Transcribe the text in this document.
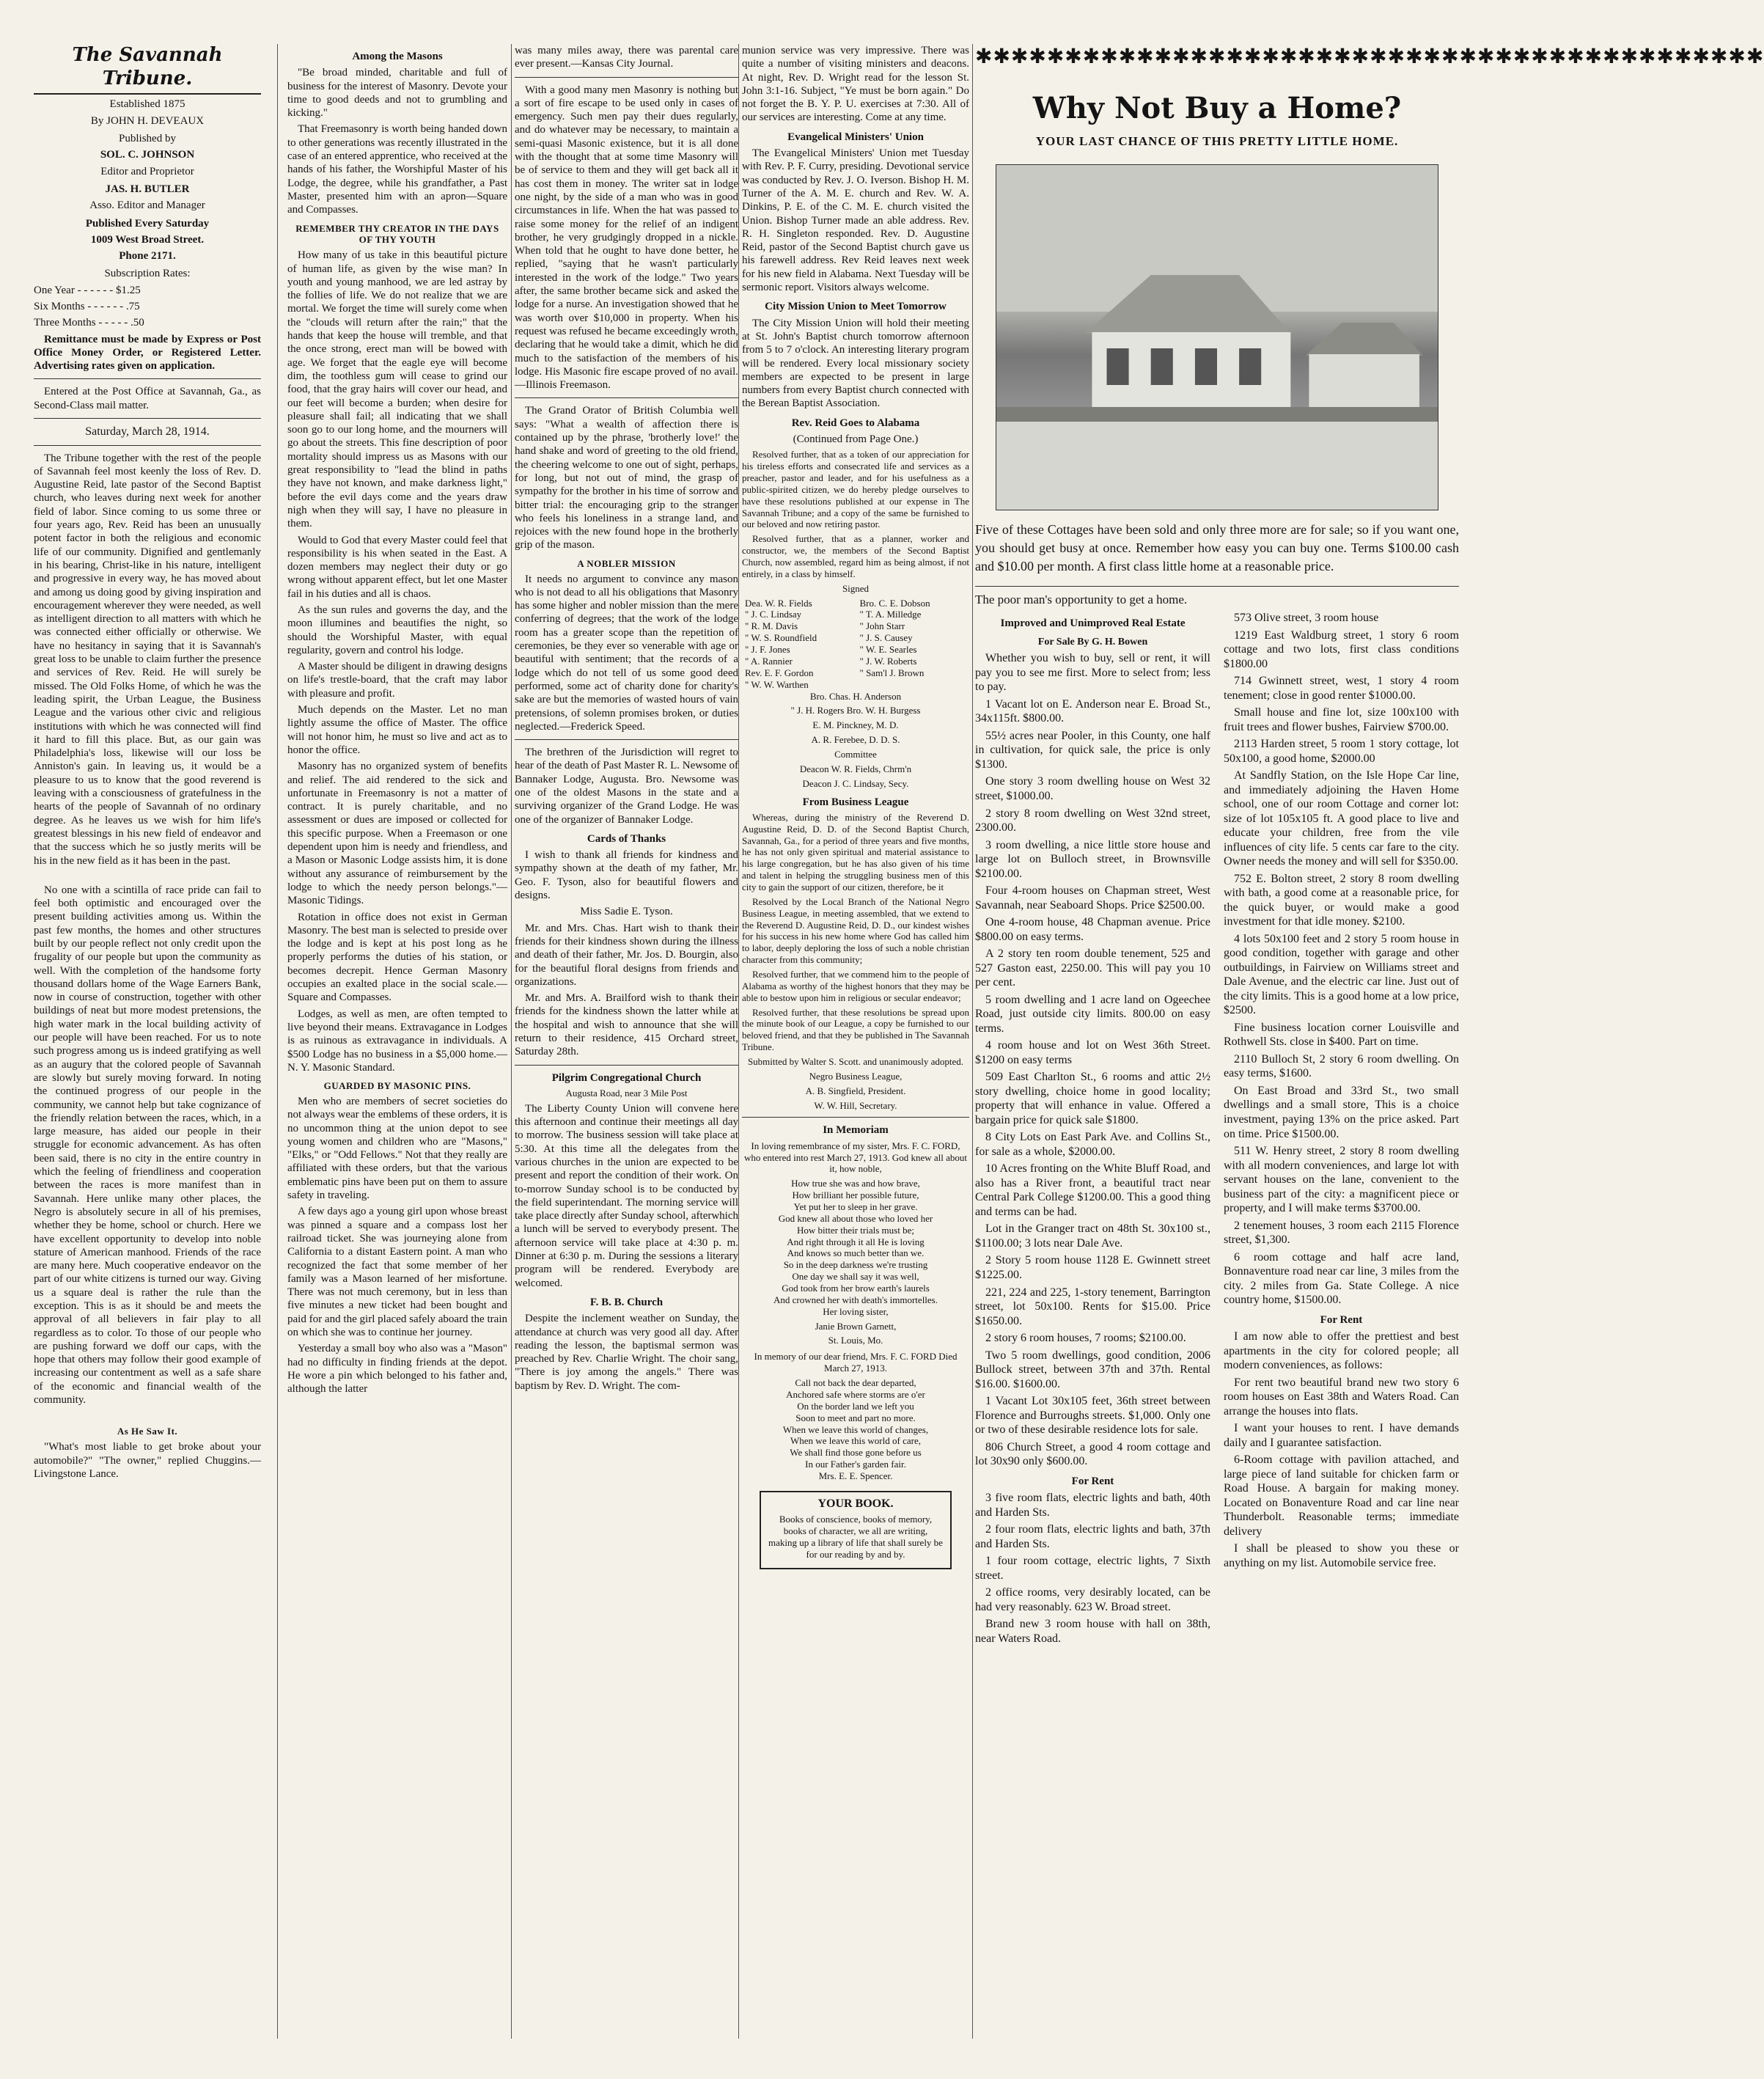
The Savannah Tribune.

Established 1875

By JOHN H. DEVEAUX

Published by

SOL. C. JOHNSON

Editor and Proprietor

JAS. H. BUTLER

Asso. Editor and Manager

Published Every Saturday

1009 West Broad Street.

Phone 2171.

Subscription Rates:

One Year - - - - - - $1.25

Six Months - - - - - - .75

Three Months - - - - - .50

Remittance must be made by Express or Post Office Money Order, or Registered Letter. Advertising rates given on application.

Entered at the Post Office at Savannah, Ga., as Second-Class mail matter.

Saturday, March 28, 1914.

The Tribune together with the rest of the people of Savannah feel most keenly the loss of Rev. D. Augustine Reid, late pastor of the Second Baptist church, who leaves during next week for another field of labor. Since coming to us some three or four years ago, Rev. Reid has been an unusually potent factor in both the religious and economic life of our community. Dignified and gentlemanly in his bearing, Christ-like in his nature, intelligent and progressive in every way, he has moved about and among us doing good by giving inspiration and encouragement wherever they were needed, as well as intelligent direction to all matters with which he was connected either officially or otherwise. We have no hesitancy in saying that it is Savannah's great loss to be unable to claim further the presence and services of Rev. Reid. He will surely be missed. The Old Folks Home, of which he was the leading spirit, the Urban League, the Business League and the various other civic and religious institutions with which he was connected will find it hard to fill this place. But, as our gain was Philadelphia's loss, likewise will our loss be Anniston's gain. In leaving us, it would be a pleasure to us to know that the good reverend is leaving with a consciousness of gratefulness in the hearts of the people of Savannah of no ordinary degree. As he leaves us we wish for him life's greatest blessings in his new field of endeavor and that the success which he so justly merits will be his in the new field as it has been in the past.

No one with a scintilla of race pride can fail to feel both optimistic and encouraged over the present building activities among us. Within the past few months, the homes and other structures built by our people reflect not only credit upon the frugality of our people but upon the community as well. With the completion of the handsome forty thousand dollars home of the Wage Earners Bank, now in course of construction, together with other buildings of neat but more modest pretensions, the high water mark in the local building activity of our people will have been reached. For us to note such progress among us is indeed gratifying as well as an augury that the colored people of Savannah are slowly but surely moving forward. In noting the continued progress of our people in the community, we cannot help but take cognizance of the friendly relation between the races, which, in a large measure, has aided our people in their struggle for economic advancement. As has often been said, there is no city in the entire country in which the feeling of friendliness and cooperation between the races is more manifest than in Savannah. Here unlike many other places, the Negro is absolutely secure in all of his premises, whether they be home, school or church. Here we have excellent opportunity to develop into noble stature of American manhood. Friends of the race are many here. Much cooperative endeavor on the part of our white citizens is turned our way. Giving us a square deal is rather the rule than the exception. This is as it should be and meets the approval of all believers in fair play to all regardless as to color. To those of our people who are pushing forward we doff our caps, with the hope that others may follow their good example of increasing our contentment as well as a safe share of the economic and financial wealth of the community.

As He Saw It.

"What's most liable to get broke about your automobile?" "The owner," replied Chuggins.—Livingstone Lance.

Among the Masons

"Be broad minded, charitable and full of business for the interest of Masonry. Devote your time to good deeds and not to grumbling and kicking."

That Freemasonry is worth being handed down to other generations was recently illustrated in the case of an entered apprentice, who received at the hands of his father, the Worshipful Master of his Lodge, the degree, while his grandfather, a Past Master, presented him with an apron—Square and Compasses.

REMEMBER THY CREATOR IN THE DAYS OF THY YOUTH

How many of us take in this beautiful picture of human life, as given by the wise man? In youth and young manhood, we are led astray by the follies of life. We do not realize that we are mortal. We forget the time will surely come when the "clouds will return after the rain;" that the hands that keep the house will tremble, and that the once strong, erect man will be bowed with age. We forget that the eagle eye will become dim, the toothless gum will cease to grind our food, that the gray hairs will cover our head, and our feet will become a burden; when desire for pleasure shall fail; all indicating that we shall soon go to our long home, and the mourners will go about the streets. This fine description of poor mortality should impress us as Masons with our great responsibility to "lead the blind in paths they have not known, and make darkness light," before the evil days come and the years draw nigh when they will say, I have no pleasure in them.

Would to God that every Master could feel that responsibility is his when seated in the East. A dozen members may neglect their duty or go wrong without apparent effect, but let one Master fail in his duties and all is chaos.

As the sun rules and governs the day, and the moon illumines and beautifies the night, so should the Worshipful Master, with equal regularity, govern and control his lodge.

A Master should be diligent in drawing designs on life's trestle-board, that the craft may labor with pleasure and profit.

Much depends on the Master. Let no man lightly assume the office of Master. The office will not honor him, he must so live and act as to honor the office.

Masonry has no organized system of benefits and relief. The aid rendered to the sick and unfortunate in Freemasonry is not a matter of contract. It is purely charitable, and no assessment or dues are imposed or collected for this specific purpose. When a Freemason or one dependent upon him is needy and friendless, and a Mason or Masonic Lodge assists him, it is done without any assurance of reimbursement by the lodge to which the needy person belongs."—Masonic Tidings.

Rotation in office does not exist in German Masonry. The best man is selected to preside over the lodge and is kept at his post long as he properly performs the duties of his station, or becomes decrepit. Hence German Masonry occupies an exalted place in the social scale.—Square and Compasses.

Lodges, as well as men, are often tempted to live beyond their means. Extravagance in Lodges is as ruinous as extravagance in individuals. A $500 Lodge has no business in a $5,000 home.—N. Y. Masonic Standard.

GUARDED BY MASONIC PINS.

Men who are members of secret societies do not always wear the emblems of these orders, it is no uncommon thing at the union depot to see young women and children who are "Masons," "Elks," or "Odd Fellows." Not that they really are affiliated with these orders, but that the various emblematic pins have been put on them to assure safety in traveling.

A few days ago a young girl upon whose breast was pinned a square and a compass lost her railroad ticket. She was journeying alone from California to a distant Eastern point. A man who recognized the fact that some member of her family was a Mason learned of her misfortune. There was not much ceremony, but in less than five minutes a new ticket had been bought and paid for and the girl placed safely aboard the train on which she was to continue her journey.

Yesterday a small boy who also was a "Mason" had no difficulty in finding friends at the depot. He wore a pin which belonged to his father and, although the latter

was many miles away, there was parental care ever present.—Kansas City Journal.

With a good many men Masonry is nothing but a sort of fire escape to be used only in cases of emergency. Such men pay their dues regularly, and do whatever may be necessary, to maintain a semi-quasi Masonic existence, but it is all done with the thought that at some time Masonry will be of service to them and they will get back all it has cost them in money. The writer sat in lodge one night, by the side of a man who was in good circumstances in life. When the hat was passed to raise some money for the relief of an indigent brother, he very grudgingly dropped in a nickle. When told that he ought to have done better, he replied, "saying that he wasn't particularly interested in the work of the lodge." Two years after, the same brother became sick and asked the lodge for a nurse. An investigation showed that he was worth over $10,000 in property. When his request was refused he became exceedingly wroth, declaring that he would take a dimit, which he did much to the satisfaction of the members of his lodge. His Masonic fire escape proved of no avail.—Illinois Freemason.

The Grand Orator of British Columbia well says: "What a wealth of affection there is contained up by the phrase, 'brotherly love!' the hand shake and word of greeting to the old friend, the cheering welcome to one out of sight, perhaps, for long, but not out of mind, the grasp of sympathy for the brother in his time of sorrow and bitter trial: the encouraging grip to the stranger who feels his loneliness in a strange land, and rejoices with the new found hope in the brotherly grip of the mason.

A NOBLER MISSION

It needs no argument to convince any mason who is not dead to all his obligations that Masonry has some higher and nobler mission than the mere conferring of degrees; that the work of the lodge room has a greater scope than the repetition of ceremonies, be they ever so venerable with age or beautiful with sentiment; that the records of a lodge which do not tell of us some good deed performed, some act of charity done for charity's sake are but the memories of wasted hours of vain pretensions, of solemn promises broken, or duties neglected.—Frederick Speed.

The brethren of the Jurisdiction will regret to hear of the death of Past Master R. L. Newsome of Bannaker Lodge, Augusta. Bro. Newsome was one of the oldest Masons in the state and a surviving organizer of the Grand Lodge. He was one of the organizer of Bannaker Lodge.

Cards of Thanks

I wish to thank all friends for kindness and sympathy shown at the death of my father, Mr. Geo. F. Tyson, also for beautiful flowers and designs.

Miss Sadie E. Tyson.

Mr. and Mrs. Chas. Hart wish to thank their friends for their kindness shown during the illness and death of their father, Mr. Jos. D. Bourgin, also for the beautiful floral designs from friends and organizations.

Mr. and Mrs. A. Brailford wish to thank their friends for the kindness shown the latter while at the hospital and wish to announce that she will return to their residence, 415 Orchard street, Saturday 28th.

Pilgrim Congregational Church

Augusta Road, near 3 Mile Post

The Liberty County Union will convene here this afternoon and continue their meetings all day to morrow. The business session will take place at 5:30. At this time all the delegates from the various churches in the union are expected to be present and report the condition of their work. On to-morrow Sunday school is to be conducted by the field superintendant. The morning service will take place directly after Sunday school, afterwhich a lunch will be served to everybody present. The afternoon service will take place at 4:30 p. m. Dinner at 6:30 p. m. During the sessions a literary program will be rendered. Everybody are welcomed.

F. B. B. Church

Despite the inclement weather on Sunday, the attendance at church was very good all day. After reading the lesson, the baptismal sermon was preached by Rev. Charlie Wright. The choir sang, "There is joy among the angels." There was baptism by Rev. D. Wright. The com-

munion service was very impressive. There was quite a number of visiting ministers and deacons. At night, Rev. D. Wright read for the lesson St. John 3:1-16. Subject, "Ye must be born again." Do not forget the B. Y. P. U. exercises at 7:30. All of our services are interesting. Come at any time.

Evangelical Ministers' Union

The Evangelical Ministers' Union met Tuesday with Rev. P. F. Curry, presiding. Devotional service was conducted by Rev. J. O. Iverson. Bishop H. M. Turner of the A. M. E. church and Rev. W. A. Dinkins, P. E. of the C. M. E. church visited the Union. Bishop Turner made an able address. Rev. R. H. Singleton responded. Rev. D. Augustine Reid, pastor of the Second Baptist church gave us his farewell address. Rev Reid leaves next week for his new field in Alabama. Next Tuesday will be sermonic report. Visitors always welcome.

City Mission Union to Meet Tomorrow

The City Mission Union will hold their meeting at St. John's Baptist church tomorrow afternoon from 5 to 7 o'clock. An interesting literary program will be rendered. Every local missionary society members are expected to be present in large numbers from every Baptist church connected with the Berean Baptist Association.

Rev. Reid Goes to Alabama

(Continued from Page One.)

Resolved further, that as a token of our appreciation for his tireless efforts and consecrated life and services as a preacher, pastor and leader, and for his usefulness as a public-spirited citizen, we do hereby pledge ourselves to have these resolutions published at our expense in The Savannah Tribune; and a copy of the same be furnished to our beloved and now retiring pastor.

Resolved further, that as a planner, worker and constructor, we, the members of the Second Baptist Church, now assembled, regard him as being almost, if not entirely, in a class by himself.

Signed

Dea. W. R. Fields	Bro. C. E. Dobson
" J. C. Lindsay	" T. A. Milledge
" R. M. Davis	" John Starr
" W. S. Roundfield	" J. S. Causey
" J. F. Jones	" W. E. Searles
" A. Rannier	" J. W. Roberts
Rev. E. F. Gordon	" Sam'l J. Brown
" W. W. Warthen	

Bro. Chas. H. Anderson

" J. H. Rogers Bro. W. H. Burgess

E. M. Pinckney, M. D.

A. R. Ferebee, D. D. S.

Committee

Deacon W. R. Fields, Chrm'n

Deacon J. C. Lindsay, Secy.

From Business League

Whereas, during the ministry of the Reverend D. Augustine Reid, D. D. of the Second Baptist Church, Savannah, Ga., for a period of three years and five months, he has not only given spiritual and material assistance to his large congregation, but he has also given of his time and talent in helping the struggling business men of this city to gain the support of our citizen, therefore, be it

Resolved by the Local Branch of the National Negro Business League, in meeting assembled, that we extend to the Reverend D. Augustine Reid, D. D., our kindest wishes for his success in his new home where God has called him to labor, deeply deploring the loss of such a noble christian character from this community;

Resolved further, that we commend him to the people of Alabama as worthy of the highest honors that they may be able to bestow upon him in religious or secular endeavor;

Resolved further, that these resolutions be spread upon the minute book of our League, a copy be furnished to our beloved friend, and that they be published in The Savannah Tribune.

Submitted by Walter S. Scott. and unanimously adopted.

Negro Business League,

A. B. Singfield, President.

W. W. Hill, Secretary.

In Memoriam

In loving remembrance of my sister, Mrs. F. C. FORD, who entered into rest March 27, 1913. God knew all about it, how noble,

How true she was and how brave,
How brilliant her possible future,
Yet put her to sleep in her grave.
God knew all about those who loved her
How bitter their trials must be;
And right through it all He is loving
And knows so much better than we.
So in the deep darkness we're trusting
One day we shall say it was well,
God took from her brow earth's laurels
And crowned her with death's immortelles.

Her loving sister,

Janie Brown Garnett,

St. Louis, Mo.

In memory of our dear friend, Mrs. F. C. FORD Died March 27, 1913.

Call not back the dear departed,
Anchored safe where storms are o'er
On the border land we left you
Soon to meet and part no more.
When we leave this world of changes,
When we leave this world of care,
We shall find those gone before us
In our Father's garden fair.

Mrs. E. E. Spencer.

YOUR BOOK.

Books of conscience, books of memory, books of character, we all are writing, making up a library of life that shall surely be for our reading by and by.

✱✱✱✱✱✱✱✱✱✱✱✱✱✱✱✱✱✱✱✱✱✱✱✱✱✱✱✱✱✱✱✱✱✱✱✱✱✱✱✱✱✱✱✱
Why Not Buy a Home?
YOUR LAST CHANCE OF THIS PRETTY LITTLE HOME.
Five of these Cottages have been sold and only three more are for sale; so if you want one, you should get busy at once. Remember how easy you can buy one. Terms $100.00 cash and $10.00 per month. A first class little home at a reasonable price.

The poor man's opportunity to get a home.

Improved and Unimproved Real Estate

For Sale By G. H. Bowen

Whether you wish to buy, sell or rent, it will pay you to see me first. More to select from; less to pay.

1 Vacant lot on E. Anderson near E. Broad St., 34x115ft. $800.00.

55½ acres near Pooler, in this County, one half in cultivation, for quick sale, the price is only $1300.

One story 3 room dwelling house on West 32 street, $1000.00.

2 story 8 room dwelling on West 32nd street, 2300.00.

3 room dwelling, a nice little store house and large lot on Bulloch street, in Brownsville $2100.00.

Four 4-room houses on Chapman street, West Savannah, near Seaboard Shops. Price $2500.00.

One 4-room house, 48 Chapman avenue. Price $800.00 on easy terms.

A 2 story ten room double tenement, 525 and 527 Gaston east, 2250.00. This will pay you 10 per cent.

5 room dwelling and 1 acre land on Ogeechee Road, just outside city limits. 800.00 on easy terms.

4 room house and lot on West 36th Street. $1200 on easy terms

509 East Charlton St., 6 rooms and attic 2½ story dwelling, choice home in good locality; property that will enhance in value. Offered a bargain price for quick sale $1800.

8 City Lots on East Park Ave. and Collins St., for sale as a whole, $2000.00.

10 Acres fronting on the White Bluff Road, and also has a River front, a beautiful tract near Central Park College $1200.00. This a good thing and terms can be had.

Lot in the Granger tract on 48th St. 30x100 st., $1100.00; 3 lots near Dale Ave.

2 Story 5 room house 1128 E. Gwinnett street $1225.00.

221, 224 and 225, 1-story tenement, Barrington street, lot 50x100. Rents for $15.00. Price $1650.00.

2 story 6 room houses, 7 rooms; $2100.00.

Two 5 room dwellings, good condition, 2006 Bullock street, between 37th and 37th. Rental $16.00. $1600.00.

1 Vacant Lot 30x105 feet, 36th street between Florence and Burroughs streets. $1,000. Only one or two of these desirable residence lots for sale.

806 Church Street, a good 4 room cottage and lot 30x90 only $600.00.

For Rent

3 five room flats, electric lights and bath, 40th and Harden Sts.

2 four room flats, electric lights and bath, 37th and Harden Sts.

1 four room cottage, electric lights, 7 Sixth street.

2 office rooms, very desirably located, can be had very reasonably. 623 W. Broad street.

Brand new 3 room house with hall on 38th, near Waters Road.

573 Olive street, 3 room house

1219 East Waldburg street, 1 story 6 room cottage and two lots, first class conditions $1800.00

714 Gwinnett street, west, 1 story 4 room tenement; close in good renter $1000.00.

Small house and fine lot, size 100x100 with fruit trees and flower bushes, Fairview $700.00.

2113 Harden street, 5 room 1 story cottage, lot 50x100, a good home, $2000.00

At Sandfly Station, on the Isle Hope Car line, and immediately adjoining the Haven Home school, one of our room Cottage and corner lot: size of lot 105x105 ft. A good place to live and educate your children, free from the vile influences of city life. 5 cents car fare to the city. Owner needs the money and will sell for $350.00.

752 E. Bolton street, 2 story 8 room dwelling with bath, a good come at a reasonable price, for the quick buyer, or would make a good investment for that idle money. $2100.

4 lots 50x100 feet and 2 story 5 room house in good condition, together with garage and other outbuildings, in Fairview on Williams street and Dale Avenue, and the electric car line. Just out of the city limits. This is a good home at a low price, $2500.

Fine business location corner Louisville and Rothwell Sts. close in $400. Part on time.

2110 Bulloch St, 2 story 6 room dwelling. On easy terms, $1600.

On East Broad and 33rd St., two small dwellings and a small store, This is a choice investment, paying 13% on the price asked. Part on time. Price $1500.00.

511 W. Henry street, 2 story 8 room dwelling with all modern conveniences, and large lot with servant houses on the lane, convenient to the business part of the city: a magnificent piece or property, and I will make terms $3700.00.

2 tenement houses, 3 room each 2115 Florence street, $1,300.

6 room cottage and half acre land, Bonnaventure road near car line, 3 miles from the city. 2 miles from Ga. State College. A nice country home, $1500.00.

For Rent

I am now able to offer the prettiest and best apartments in the city for colored people; all modern conveniences, as follows:

For rent two beautiful brand new two story 6 room houses on East 38th and Waters Road. Can arrange the houses into flats.

I want your houses to rent. I have demands daily and I guarantee satisfaction.

6-Room cottage with pavilion attached, and large piece of land suitable for chicken farm or Road House. A bargain for making money. Located on Bonaventure Road and car line near Thunderbolt. Reasonable terms; immediate delivery

I shall be pleased to show you these or anything on my list. Automobile service free.
